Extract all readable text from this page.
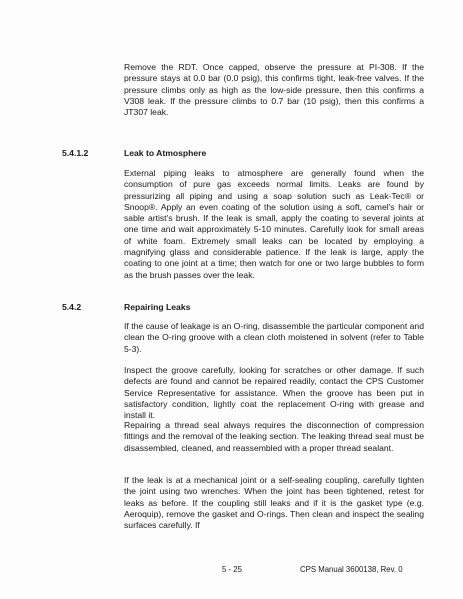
Remove the RDT. Once capped, observe the pressure at PI-308. If the pressure stays at 0.0 bar (0.0 psig), this confirms tight, leak-free valves. If the pressure climbs only as high as the low-side pressure, then this confirms a V308 leak. If the pressure climbs to 0.7 bar (10 psig), then this confirms a JT307 leak.

5.4.1.2	Leak to Atmosphere

External piping leaks to atmosphere are generally found when the consumption of pure gas exceeds normal limits. Leaks are found by pressurizing all piping and using a soap solution such as Leak-Tec® or Snoop®. Apply an even coating of the solution using a soft, camel's hair or sable artist's brush. If the leak is small, apply the coating to several joints at one time and wait approximately 5-10 minutes. Carefully look for small areas of white foam. Extremely small leaks can be located by employing a magnifying glass and considerable patience. If the leak is large, apply the coating to one joint at a time; then watch for one or two large bubbles to form as the brush passes over the leak.

5.4.2	Repairing Leaks

If the cause of leakage is an O-ring, disassemble the particular component and clean the O-ring groove with a clean cloth moistened in solvent (refer to Table 5-3).

Inspect the groove carefully, looking for scratches or other damage. If such defects are found and cannot be repaired readily, contact the CPS Customer Service Representative for assistance. When the groove has been put in satisfactory condition, lightly coat the replacement O-ring with grease and install it.

Repairing a thread seal always requires the disconnection of compression fittings and the removal of the leaking section. The leaking thread seal must be disassembled, cleaned, and reassembled with a proper thread sealant.

If the leak is at a mechanical joint or a self-sealing coupling, carefully tighten the joint using two wrenches. When the joint has been tightened, retest for leaks as before. If the coupling still leaks and if it is the gasket type (e.g. Aeroquip), remove the gasket and O-rings. Then clean and inspect the sealing surfaces carefully. If

5 - 25	CPS Manual 3600138, Rev. 0
